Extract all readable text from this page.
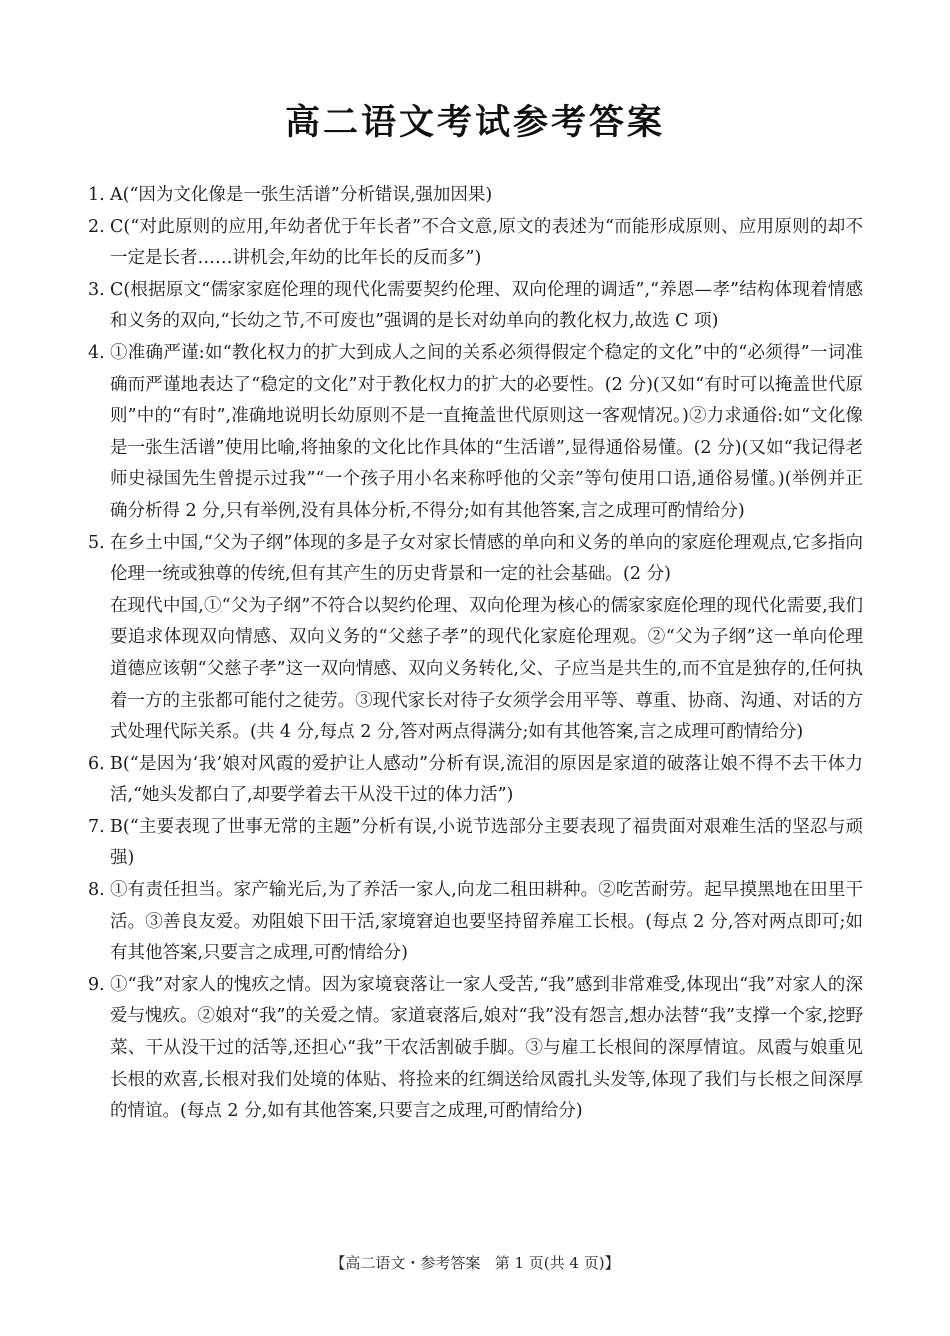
高二语文考试参考答案
1. A(“因为文化像是一张生活谱”分析错误,强加因果)
2. C(“对此原则的应用,年幼者优于年长者”不合文意,原文的表述为“而能形成原则、应用原则的却不一定是长者……讲机会,年幼的比年长的反而多”)
3. C(根据原文“儒家家庭伦理的现代化需要契约伦理、双向伦理的调适”,“养恩—孝”结构体现着情感和义务的双向,“长幼之节,不可废也”强调的是长对幼单向的教化权力,故选 C 项)
4. ①准确严谨:如“教化权力的扩大到成人之间的关系必须得假定个稳定的文化”中的“必须得”一词准确而严谨地表达了“稳定的文化”对于教化权力的扩大的必要性。(2 分)(又如“有时可以掩盖世代原则”中的“有时”,准确地说明长幼原则不是一直掩盖世代原则这一客观情况。)②力求通俗:如“文化像是一张生活谱”使用比喻,将抽象的文化比作具体的“生活谱”,显得通俗易懂。(2 分)(又如“我记得老师史禄国先生曾提示过我”“一个孩子用小名来称呼他的父亲”等句使用口语,通俗易懂。)(举例并正确分析得 2 分,只有举例,没有具体分析,不得分;如有其他答案,言之成理可酌情给分)
5. 在乡土中国,“父为子纲”体现的多是子女对家长情感的单向和义务的单向的家庭伦理观点,它多指向伦理一统或独尊的传统,但有其产生的历史背景和一定的社会基础。(2 分)
在现代中国,①“父为子纲”不符合以契约伦理、双向伦理为核心的儒家家庭伦理的现代化需要,我们要追求体现双向情感、双向义务的“父慈子孝”的现代化家庭伦理观。②“父为子纲”这一单向伦理道德应该朝“父慈子孝”这一双向情感、双向义务转化,父、子应当是共生的,而不宜是独存的,任何执着一方的主张都可能付之徒劳。③现代家长对待子女须学会用平等、尊重、协商、沟通、对话的方式处理代际关系。(共 4 分,每点 2 分,答对两点得满分;如有其他答案,言之成理可酌情给分)
6. B(“是因为‘我’娘对风霞的爱护让人感动”分析有误,流泪的原因是家道的破落让娘不得不去干体力活,“她头发都白了,却要学着去干从没干过的体力活”)
7. B(“主要表现了世事无常的主题”分析有误,小说节选部分主要表现了福贵面对艰难生活的坚忍与顽强)
8. ①有责任担当。家产输光后,为了养活一家人,向龙二租田耕种。②吃苦耐劳。起早摸黑地在田里干活。③善良友爱。劝阻娘下田干活,家境窘迫也要坚持留养雇工长根。(每点 2 分,答对两点即可;如有其他答案,只要言之成理,可酌情给分)
9. ①“我”对家人的愧疚之情。因为家境衰落让一家人受苦,“我”感到非常难受,体现出“我”对家人的深爱与愧疚。②娘对“我”的关爱之情。家道衰落后,娘对“我”没有怨言,想办法替“我”支撑一个家,挖野菜、干从没干过的活等,还担心“我”干农活割破手脚。③与雇工长根间的深厚情谊。凤霞与娘重见长根的欢喜,长根对我们处境的体贴、将捡来的红绸送给凤霞扎头发等,体现了我们与长根之间深厚的情谊。(每点 2 分,如有其他答案,只要言之成理,可酌情给分)
【高二语文・参考答案 第 1 页(共 4 页)】
